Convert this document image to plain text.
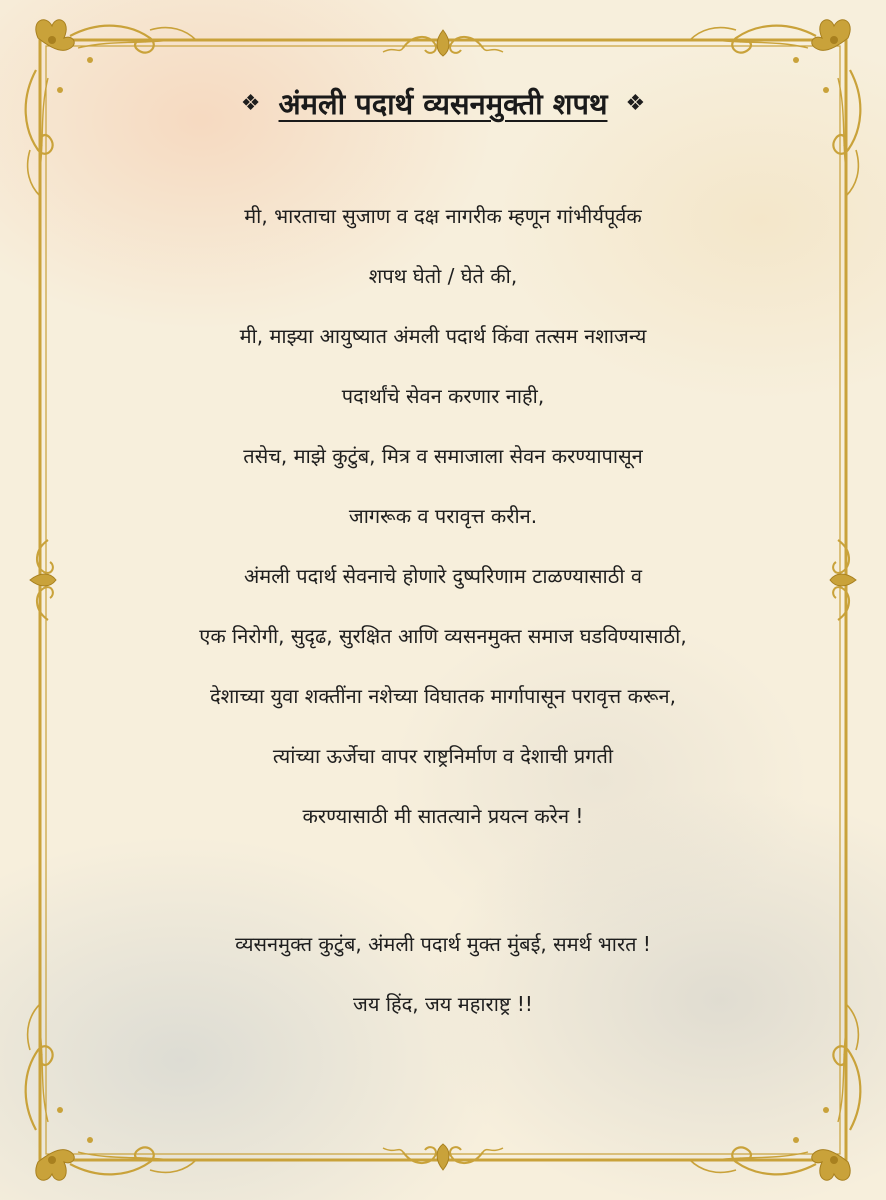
❖ अंमली पदार्थ व्यसनमुक्ती शपथ ❖
मी, भारताचा सुजाण व दक्ष नागरीक म्हणून गांभीर्यपूर्वक
शपथ घेतो / घेते की,
मी, माझ्या आयुष्यात अंमली पदार्थ किंवा तत्सम नशाजन्य
पदार्थांचे सेवन करणार नाही,
तसेच, माझे कुटुंब, मित्र व समाजाला सेवन करण्यापासून
जागरूक व परावृत्त करीन.
अंमली पदार्थ सेवनाचे होणारे दुष्परिणाम टाळण्यासाठी व
एक निरोगी, सुदृढ, सुरक्षित आणि व्यसनमुक्त समाज घडविण्यासाठी,
देशाच्या युवा शक्तींना नशेच्या विघातक मार्गापासून परावृत्त करून,
त्यांच्या ऊर्जेचा वापर राष्ट्रनिर्माण व देशाची प्रगती
करण्यासाठी मी सातत्याने प्रयत्न करेन !
व्यसनमुक्त कुटुंब, अंमली पदार्थ मुक्त मुंबई, समर्थ भारत !
जय हिंद, जय महाराष्ट्र !!
